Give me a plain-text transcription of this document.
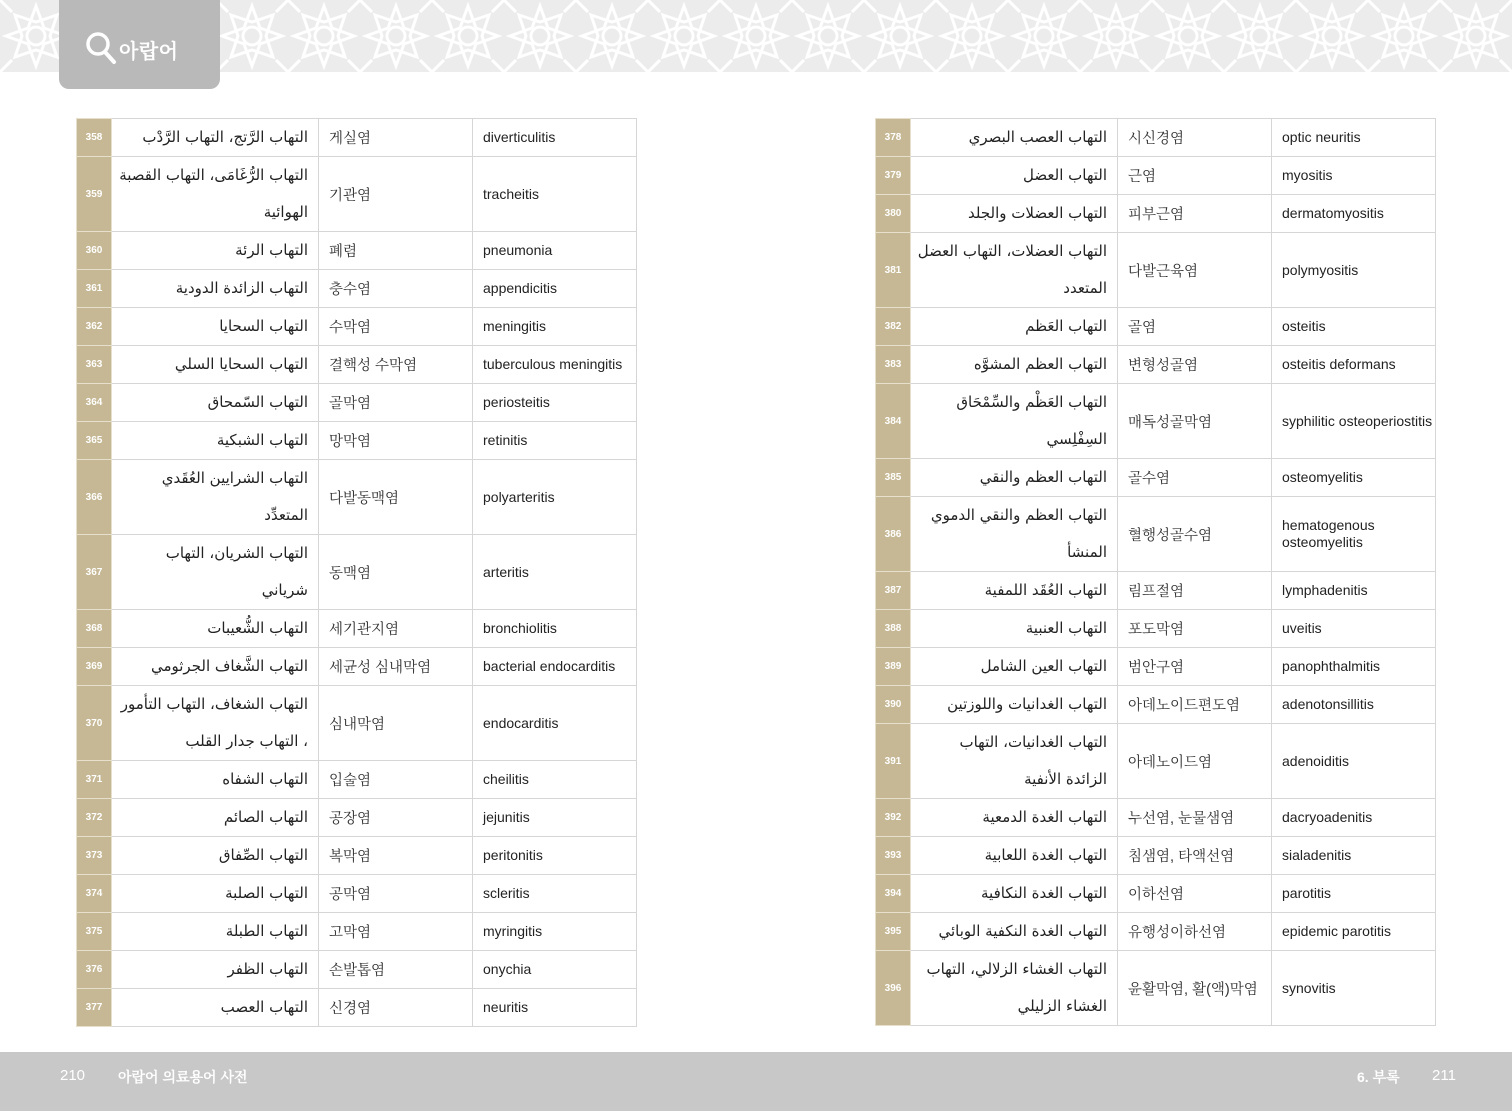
아랍어
358	التهاب الرَّتج، التهاب الرَّدْب	게실염	diverticulitis
359	التهاب الرُّغَامَى، التهاب القصبة الهوائية	기관염	tracheitis
360	التهاب الرئة	폐렴	pneumonia
361	التهاب الزائدة الدودية	충수염	appendicitis
362	التهاب السحايا	수막염	meningitis
363	التهاب السحايا السلي	결핵성 수막염	tuberculous meningitis
364	التهاب السّمحاق	골막염	periosteitis
365	التهاب الشبكية	망막염	retinitis
366	التهاب الشرايين العُقَدي المتعدِّد	다발동맥염	polyarteritis
367	التهاب الشريان، التهاب شرياني	동맥염	arteritis
368	التهاب الشُّعيبات	세기관지염	bronchiolitis
369	التهاب الشَّغاف الجرثومي	세균성 심내막염	bacterial endocarditis
370	التهاب الشغاف، التهاب التأمور ، التهاب جدار القلب	심내막염	endocarditis
371	التهاب الشفاه	입술염	cheilitis
372	التهاب الصائم	공장염	jejunitis
373	التهاب الصِّفاق	복막염	peritonitis
374	التهاب الصلبة	공막염	scleritis
375	التهاب الطبلة	고막염	myringitis
376	التهاب الظفر	손발톱염	onychia
377	التهاب العصب	신경염	neuritis
378	التهاب العصب البصري	시신경염	optic neuritis
379	التهاب العضل	근염	myositis
380	التهاب العضلات والجلد	피부근염	dermatomyositis
381	التهاب العضلات، التهاب العضل المتعدد	다발근육염	polymyositis
382	التهاب العَظم	골염	osteitis
383	التهاب العظم المشوَّه	변형성골염	osteitis deformans
384	التهاب العَظْم والسِّمْحَاق السِفْلِسي	매독성골막염	syphilitic osteoperiostitis
385	التهاب العظم والنقي	골수염	osteomyelitis
386	التهاب العظم والنقي الدموي المنشأ	혈행성골수염	hematogenous osteomyelitis
387	التهاب العُقَد اللمفية	림프절염	lymphadenitis
388	التهاب العنبية	포도막염	uveitis
389	التهاب العين الشامل	범안구염	panophthalmitis
390	التهاب الغدانيات واللوزتين	아데노이드편도염	adenotonsillitis
391	التهاب الغدانيات، التهاب الزائدة الأنفية	아데노이드염	adenoiditis
392	التهاب الغدة الدمعية	누선염, 눈물샘염	dacryoadenitis
393	التهاب الغدة اللعابية	침샘염, 타액선염	sialadenitis
394	التهاب الغدة النكافية	이하선염	parotitis
395	التهاب الغدة النكفية الوبائي	유행성이하선염	epidemic parotitis
396	التهاب الغشاء الزلالي، التهاب الغشاء الزليلي	윤활막염, 활(액)막염	synovitis
210 아랍어 의료용어 사전	6. 부록 211
